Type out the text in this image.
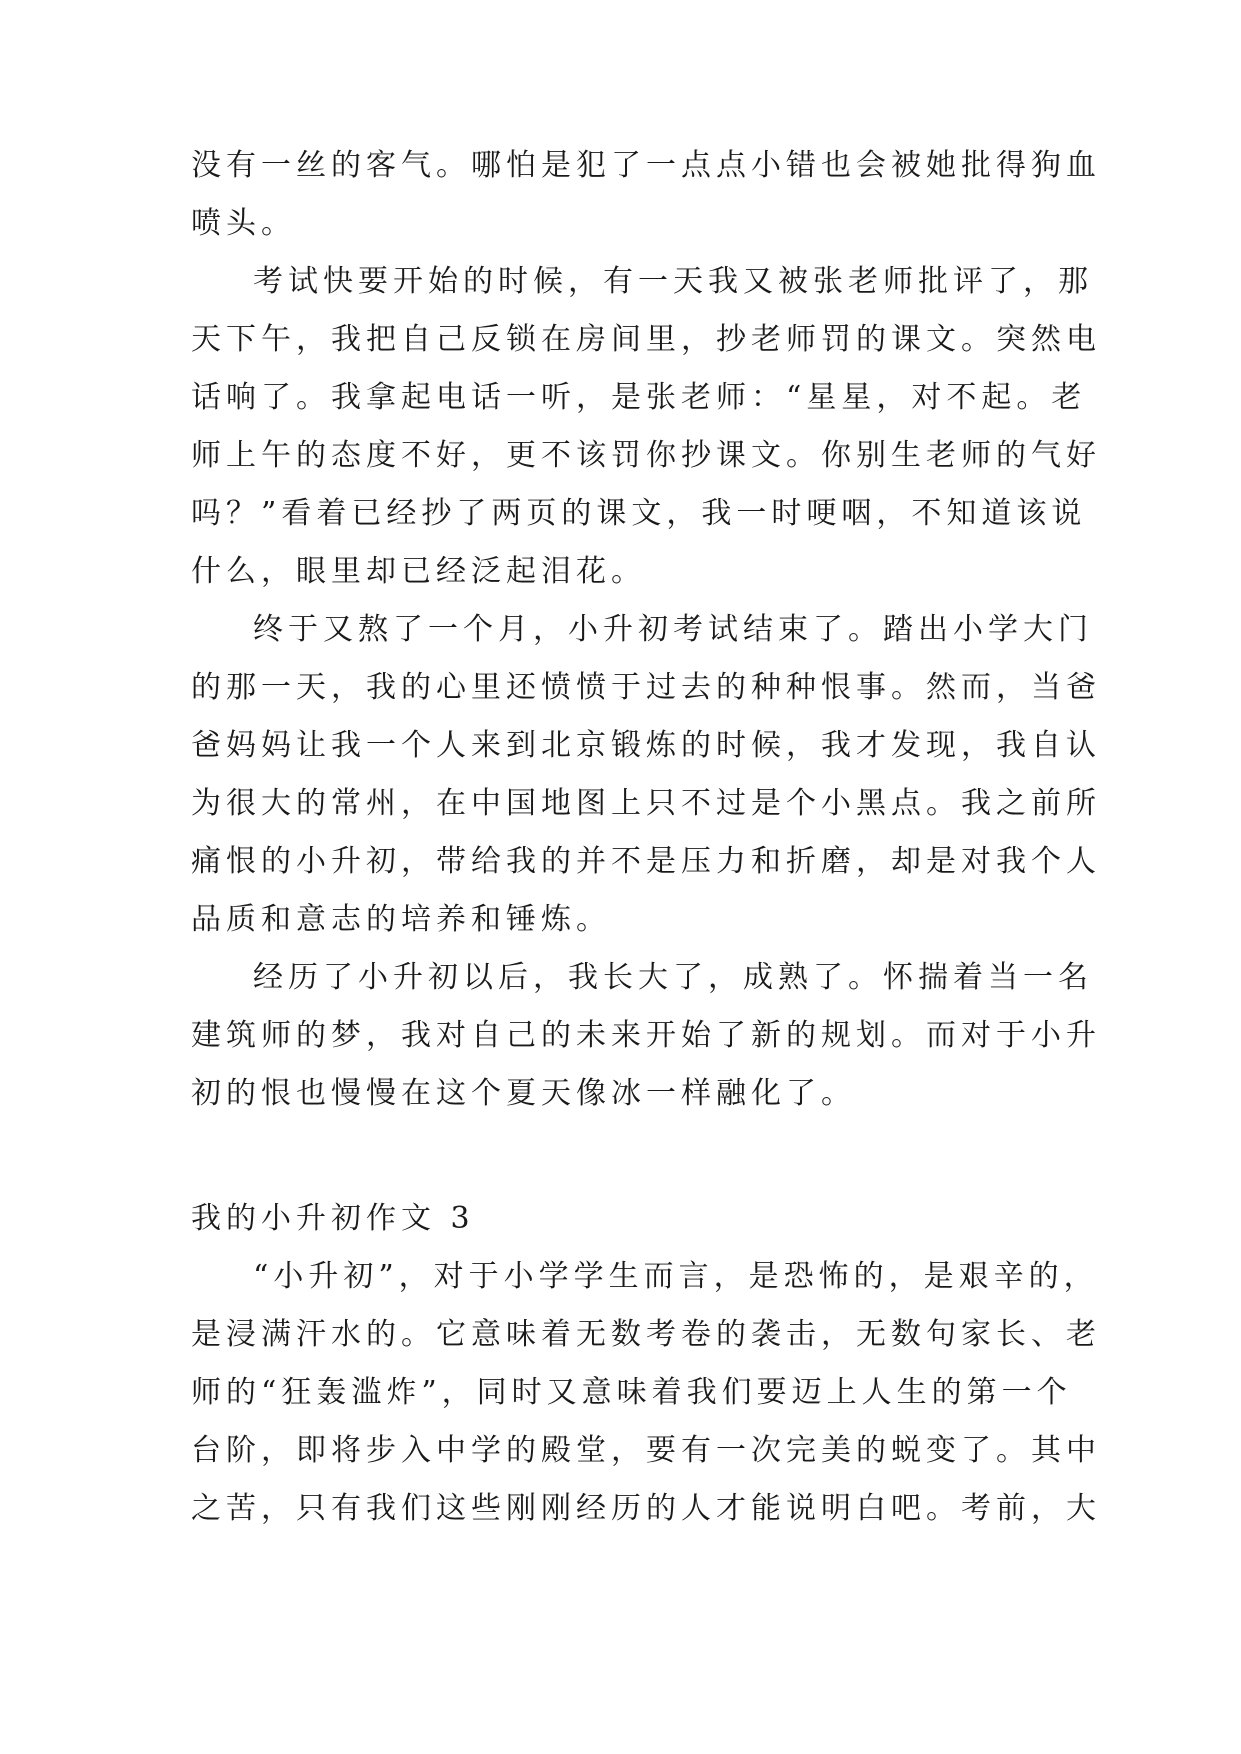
没有一丝的客气。哪怕是犯了一点点小错也会被她批得狗血
喷头。
考试快要开始的时候，有一天我又被张老师批评了，那
天下午，我把自己反锁在房间里，抄老师罚的课文。突然电
话响了。我拿起电话一听，是张老师：“星星，对不起。老
师上午的态度不好，更不该罚你抄课文。你别生老师的气好
吗？”看着已经抄了两页的课文，我一时哽咽，不知道该说
什么，眼里却已经泛起泪花。
终于又熬了一个月，小升初考试结束了。踏出小学大门
的那一天，我的心里还愤愤于过去的种种恨事。然而，当爸
爸妈妈让我一个人来到北京锻炼的时候，我才发现，我自认
为很大的常州，在中国地图上只不过是个小黑点。我之前所
痛恨的小升初，带给我的并不是压力和折磨，却是对我个人
品质和意志的培养和锤炼。
经历了小升初以后，我长大了，成熟了。怀揣着当一名
建筑师的梦，我对自己的未来开始了新的规划。而对于小升
初的恨也慢慢在这个夏天像冰一样融化了。
我的小升初作文 3
“小升初”，对于小学学生而言，是恐怖的，是艰辛的，
是浸满汗水的。它意味着无数考卷的袭击，无数句家长、老
师的“狂轰滥炸”，同时又意味着我们要迈上人生的第一个
台阶，即将步入中学的殿堂，要有一次完美的蜕变了。其中
之苦，只有我们这些刚刚经历的人才能说明白吧。考前，大
